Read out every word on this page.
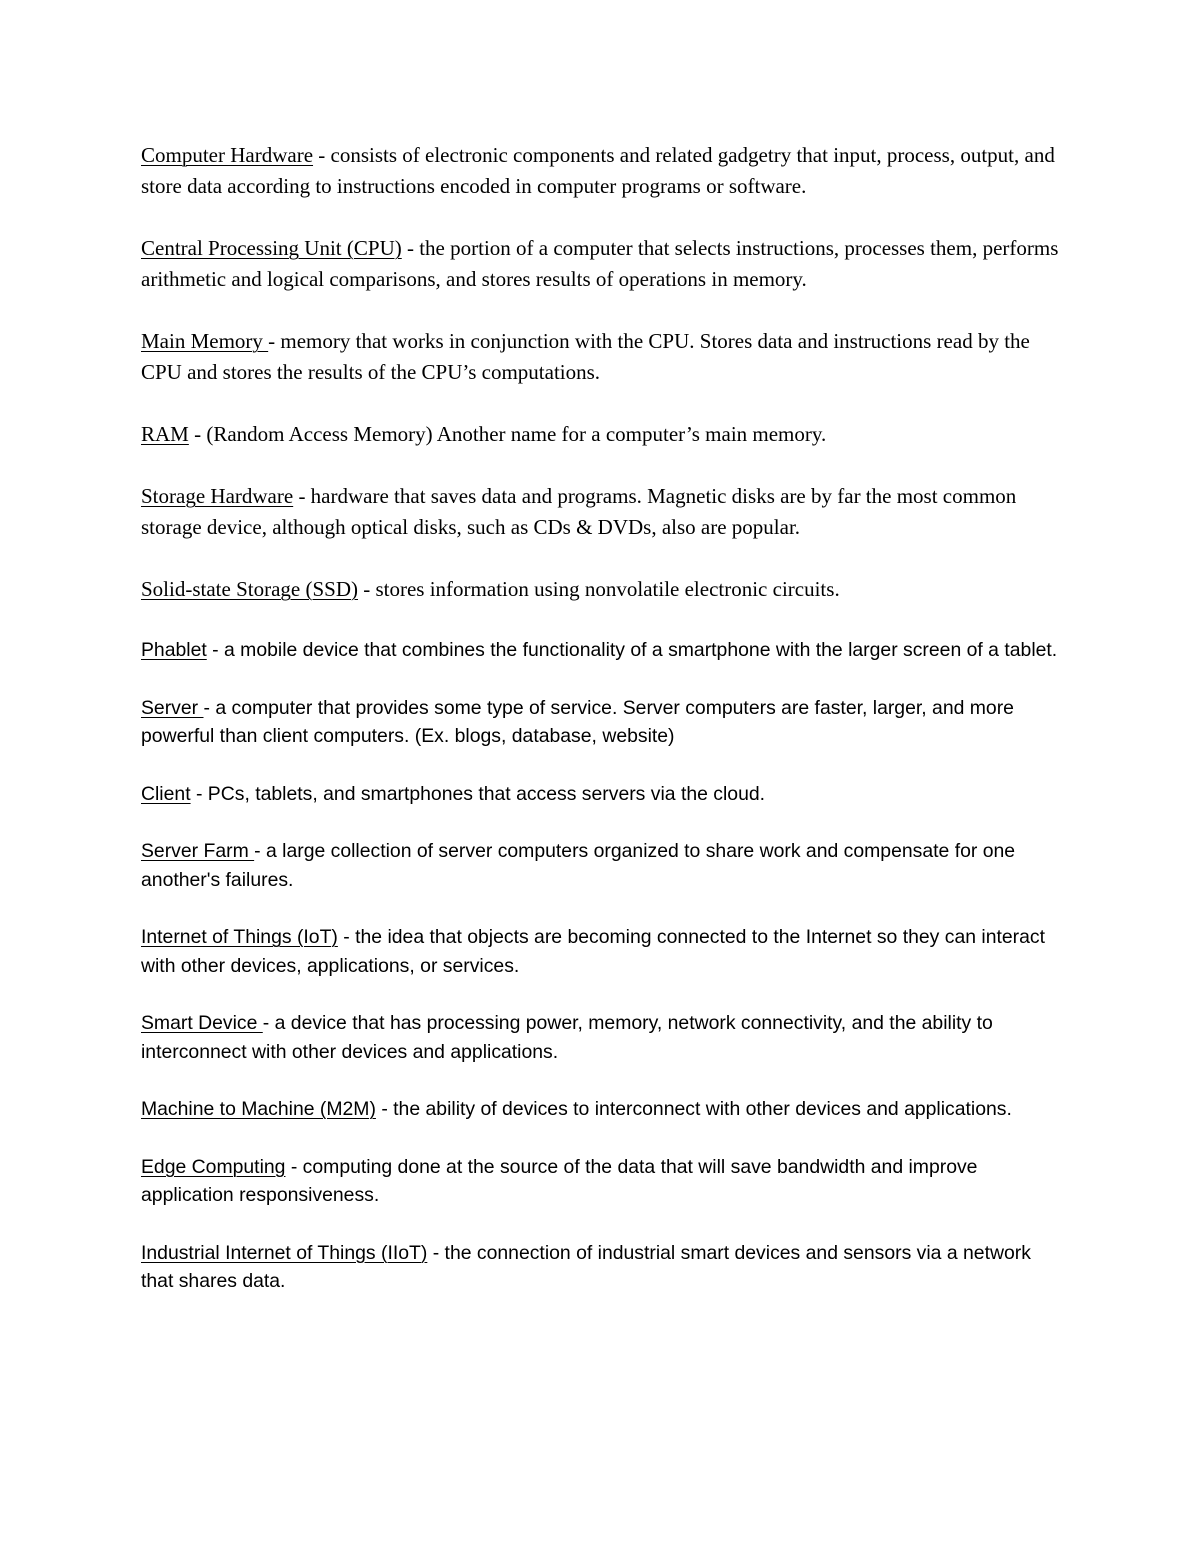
Computer Hardware - consists of electronic components and related gadgetry that input, process, output, and store data according to instructions encoded in computer programs or software.

Central Processing Unit (CPU) - the portion of a computer that selects instructions, processes them, performs arithmetic and logical comparisons, and stores results of operations in memory.

Main Memory - memory that works in conjunction with the CPU. Stores data and instructions read by the CPU and stores the results of the CPU’s computations.

RAM - (Random Access Memory) Another name for a computer’s main memory.

Storage Hardware - hardware that saves data and programs. Magnetic disks are by far the most common storage device, although optical disks, such as CDs & DVDs, also are popular.

Solid-state Storage (SSD) - stores information using nonvolatile electronic circuits.

Phablet - a mobile device that combines the functionality of a smartphone with the larger screen of a tablet.

Server - a computer that provides some type of service. Server computers are faster, larger, and more powerful than client computers. (Ex. blogs, database, website)

Client - PCs, tablets, and smartphones that access servers via the cloud.

Server Farm - a large collection of server computers organized to share work and compensate for one another's failures.

Internet of Things (IoT) - the idea that objects are becoming connected to the Internet so they can interact with other devices, applications, or services.

Smart Device - a device that has processing power, memory, network connectivity, and the ability to interconnect with other devices and applications.

Machine to Machine (M2M) - the ability of devices to interconnect with other devices and applications.

Edge Computing - computing done at the source of the data that will save bandwidth and improve application responsiveness.

Industrial Internet of Things (IIoT) - the connection of industrial smart devices and sensors via a network that shares data.
